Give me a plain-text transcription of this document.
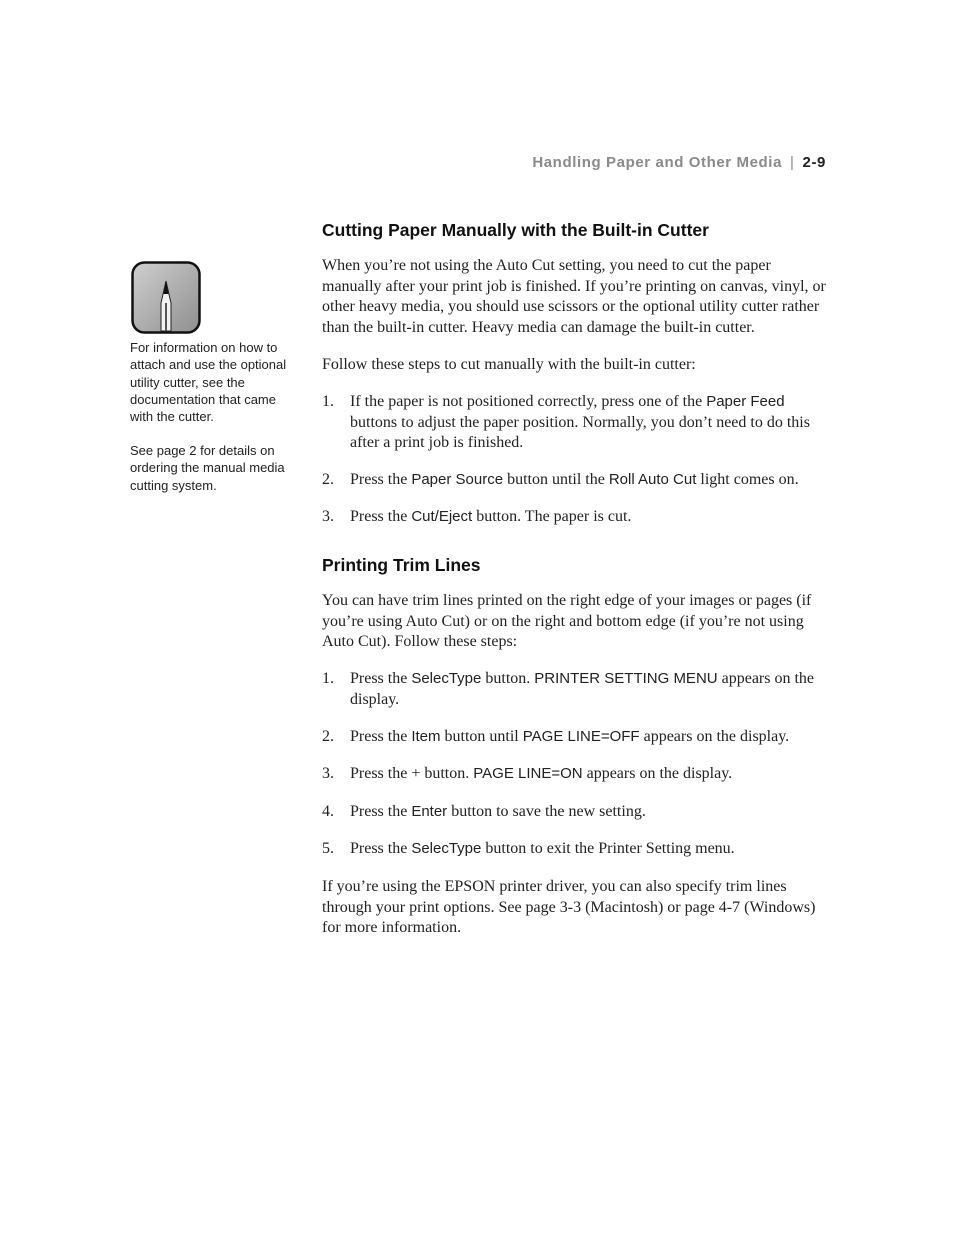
Handling Paper and Other Media | 2-9
For information on how to attach and use the optional utility cutter, see the documentation that came with the cutter.
See page 2 for details on ordering the manual media cutting system.
Cutting Paper Manually with the Built-in Cutter
When you’re not using the Auto Cut setting, you need to cut the paper manually after your print job is finished. If you’re printing on canvas, vinyl, or other heavy media, you should use scissors or the optional utility cutter rather than the built-in cutter. Heavy media can damage the built-in cutter.
Follow these steps to cut manually with the built-in cutter:
1. If the paper is not positioned correctly, press one of the Paper Feed buttons to adjust the paper position. Normally, you don’t need to do this after a print job is finished.
2. Press the Paper Source button until the Roll Auto Cut light comes on.
3. Press the Cut/Eject button. The paper is cut.
Printing Trim Lines
You can have trim lines printed on the right edge of your images or pages (if you’re using Auto Cut) or on the right and bottom edge (if you’re not using Auto Cut). Follow these steps:
1. Press the SelecType button. PRINTER SETTING MENU appears on the display.
2. Press the Item button until PAGE LINE=OFF appears on the display.
3. Press the + button. PAGE LINE=ON appears on the display.
4. Press the Enter button to save the new setting.
5. Press the SelecType button to exit the Printer Setting menu.
If you’re using the EPSON printer driver, you can also specify trim lines through your print options. See page 3-3 (Macintosh) or page 4-7 (Windows) for more information.
